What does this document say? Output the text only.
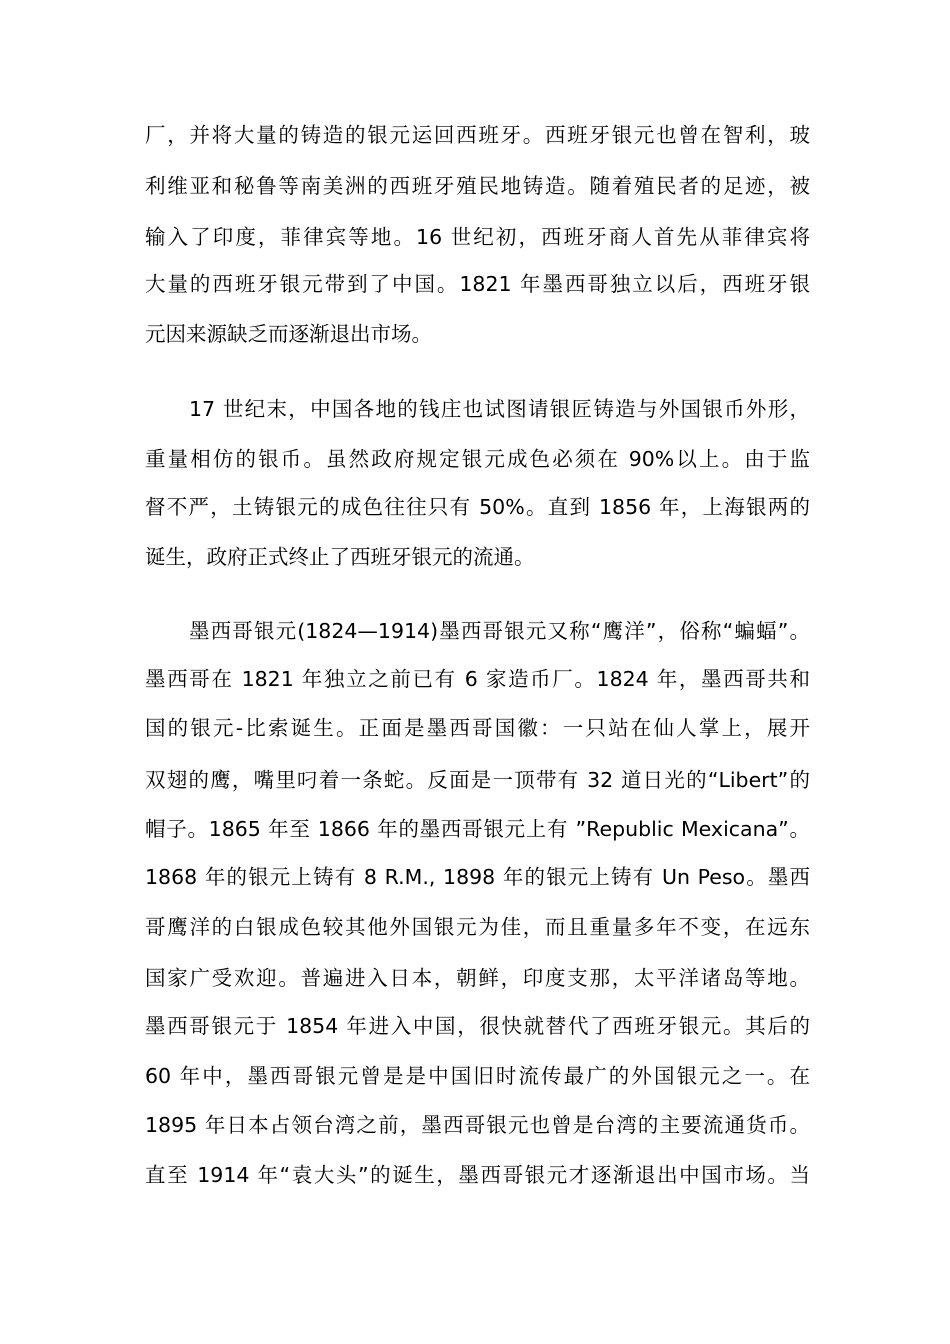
厂，并将大量的铸造的银元运回西班牙。西班牙银元也曾在智利，玻
利维亚和秘鲁等南美洲的西班牙殖民地铸造。随着殖民者的足迹，被
输入了印度，菲律宾等地。16 世纪初，西班牙商人首先从菲律宾将
大量的西班牙银元带到了中国。1821 年墨西哥独立以后，西班牙银
元因来源缺乏而逐渐退出市场。
17 世纪末，中国各地的钱庄也试图请银匠铸造与外国银币外形，
重量相仿的银币。虽然政府规定银元成色必须在 90%以上。由于监
督不严，土铸银元的成色往往只有 50%。直到 1856 年，上海银两的
诞生，政府正式终止了西班牙银元的流通。
墨西哥银元(1824—1914)墨西哥银元又称“鹰洋”，俗称“蝙蝠”。
墨西哥在 1821 年独立之前已有 6 家造币厂。1824 年，墨西哥共和
国的银元-比索诞生。正面是墨西哥国徽：一只站在仙人掌上，展开
双翅的鹰，嘴里叼着一条蛇。反面是一顶带有 32 道日光的“Libert”的
帽子。1865 年至 1866 年的墨西哥银元上有 ”Republic Mexicana”。
1868 年的银元上铸有 8 R.M., 1898 年的银元上铸有 Un Peso。墨西
哥鹰洋的白银成色较其他外国银元为佳，而且重量多年不变，在远东
国家广受欢迎。普遍进入日本，朝鲜，印度支那，太平洋诸岛等地。
墨西哥银元于 1854 年进入中国，很快就替代了西班牙银元。其后的
60 年中，墨西哥银元曾是是中国旧时流传最广的外国银元之一。在
1895 年日本占领台湾之前，墨西哥银元也曾是台湾的主要流通货币。
直至 1914 年“袁大头”的诞生，墨西哥银元才逐渐退出中国市场。当
